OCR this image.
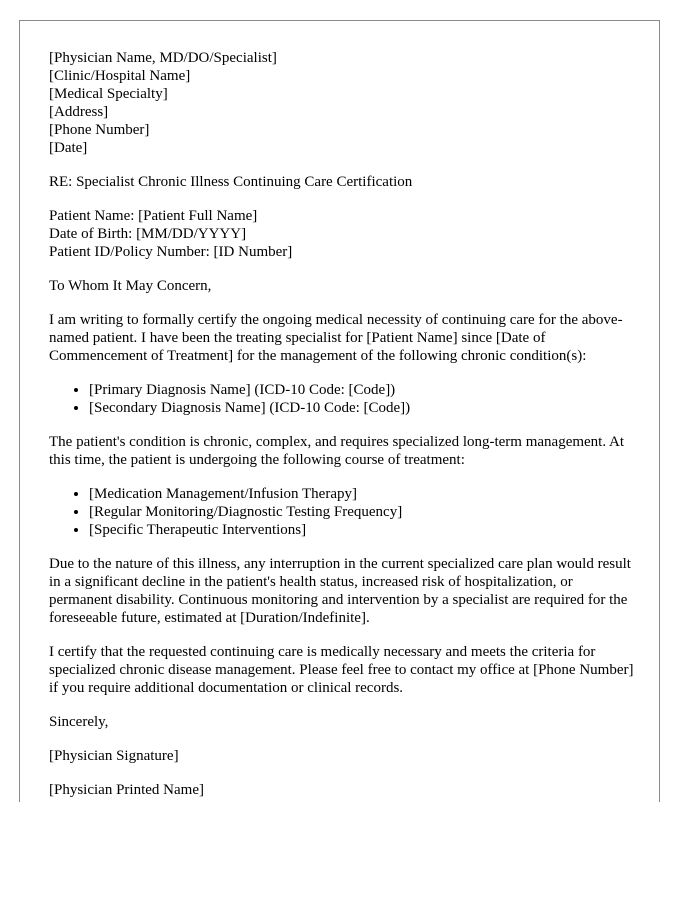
[Physician Name, MD/DO/Specialist]
[Clinic/Hospital Name]
[Medical Specialty]
[Address]
[Phone Number]
[Date]

RE: Specialist Chronic Illness Continuing Care Certification

Patient Name: [Patient Full Name]
Date of Birth: [MM/DD/YYYY]
Patient ID/Policy Number: [ID Number]

To Whom It May Concern,

I am writing to formally certify the ongoing medical necessity of continuing care for the above-named patient. I have been the treating specialist for [Patient Name] since [Date of Commencement of Treatment] for the management of the following chronic condition(s):

• [Primary Diagnosis Name] (ICD-10 Code: [Code])
• [Secondary Diagnosis Name] (ICD-10 Code: [Code])

The patient's condition is chronic, complex, and requires specialized long-term management. At this time, the patient is undergoing the following course of treatment:

• [Medication Management/Infusion Therapy]
• [Regular Monitoring/Diagnostic Testing Frequency]
• [Specific Therapeutic Interventions]

Due to the nature of this illness, any interruption in the current specialized care plan would result in a significant decline in the patient's health status, increased risk of hospitalization, or permanent disability. Continuous monitoring and intervention by a specialist are required for the foreseeable future, estimated at [Duration/Indefinite].

I certify that the requested continuing care is medically necessary and meets the criteria for specialized chronic disease management. Please feel free to contact my office at [Phone Number] if you require additional documentation or clinical records.

Sincerely,

[Physician Signature]

[Physician Printed Name]
